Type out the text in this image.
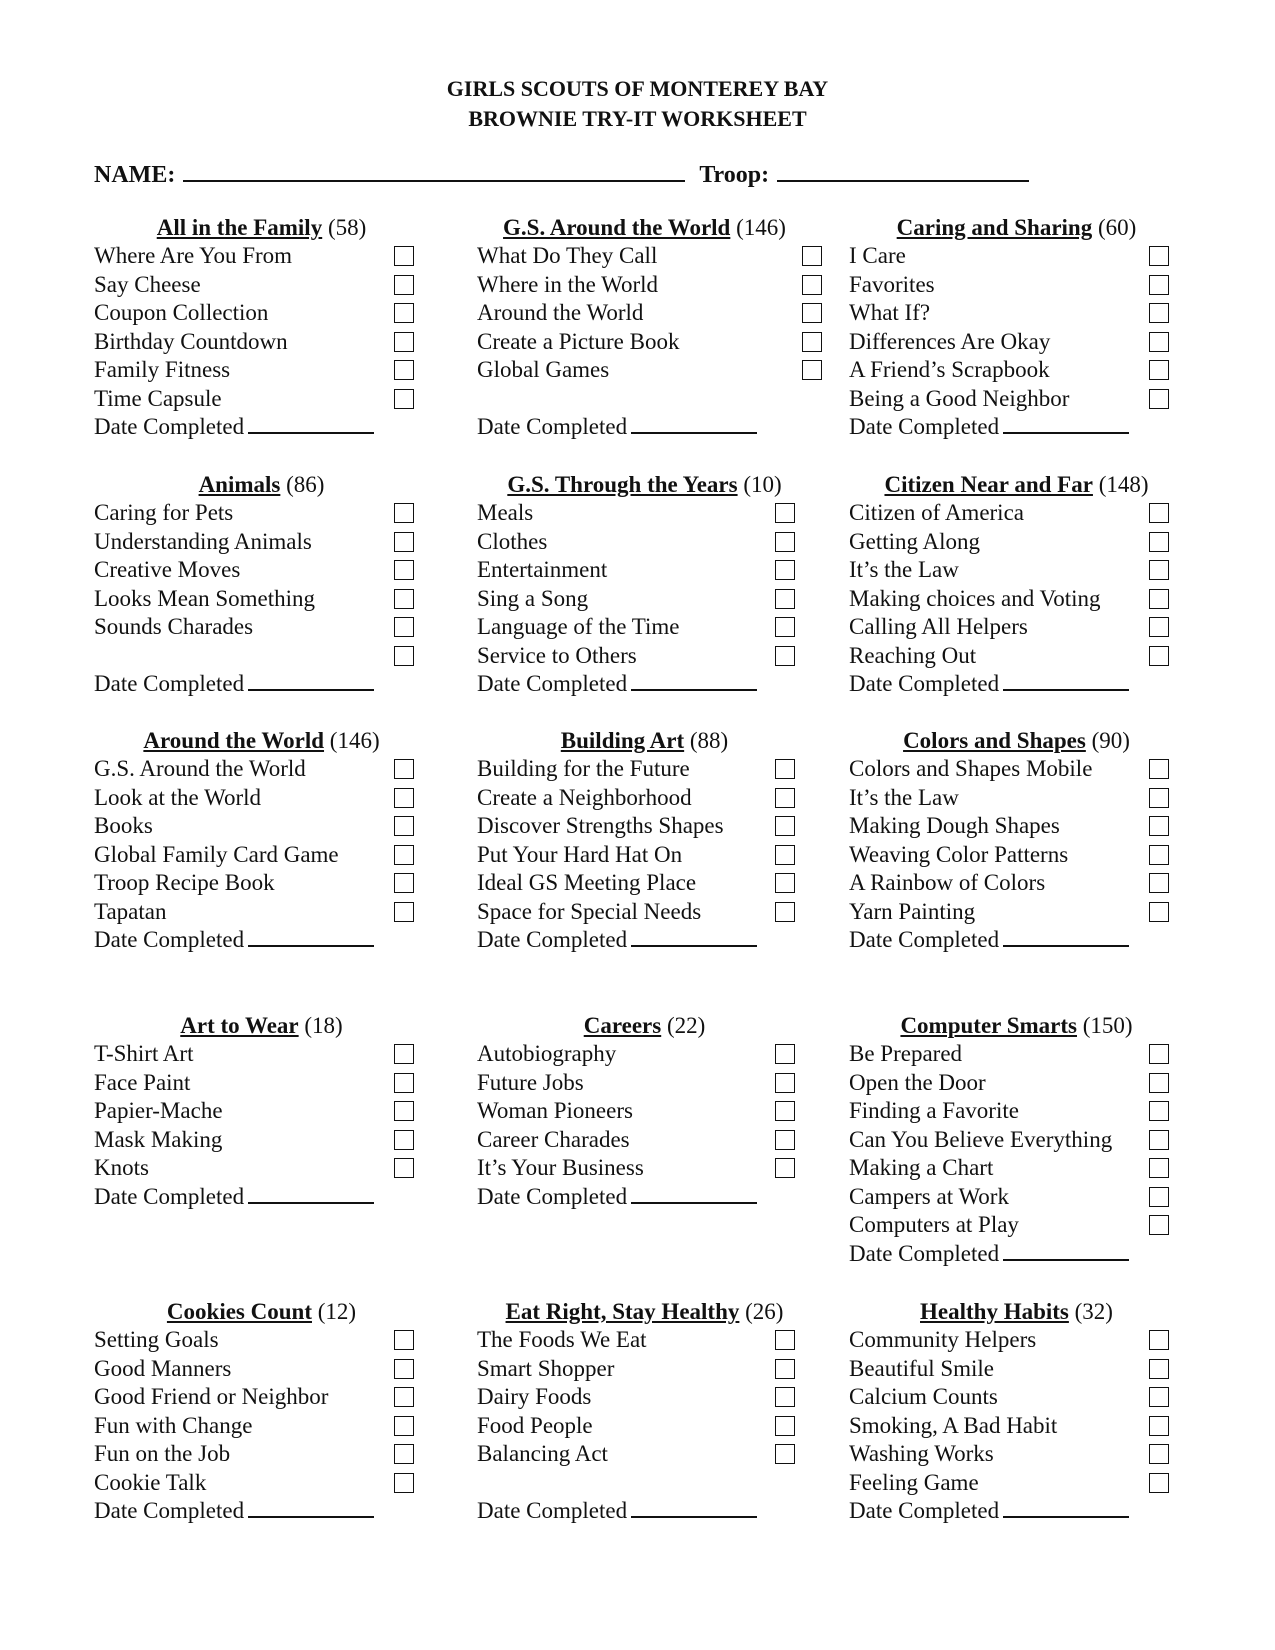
GIRLS SCOUTS OF MONTEREY BAY
BROWNIE TRY-IT WORKSHEET
NAME:	Troop:
All in the Family (58)
Where Are You From
Say Cheese
Coupon Collection
Birthday Countdown
Family Fitness
Time Capsule
Date Completed
G.S. Around the World (146)
What Do They Call
Where in the World
Around the World
Create a Picture Book
Global Games
Date Completed
Caring and Sharing (60)
I Care
Favorites
What If?
Differences Are Okay
A Friend’s Scrapbook
Being a Good Neighbor
Date Completed
Animals (86)
Caring for Pets
Understanding Animals
Creative Moves
Looks Mean Something
Sounds Charades
Date Completed
G.S. Through the Years (10)
Meals
Clothes
Entertainment
Sing a Song
Language of the Time
Service to Others
Date Completed
Citizen Near and Far (148)
Citizen of America
Getting Along
It’s the Law
Making choices and Voting
Calling All Helpers
Reaching Out
Date Completed
Around the World (146)
G.S. Around the World
Look at the World
Books
Global Family Card Game
Troop Recipe Book
Tapatan
Date Completed
Building Art (88)
Building for the Future
Create a Neighborhood
Discover Strengths Shapes
Put Your Hard Hat On
Ideal GS Meeting Place
Space for Special Needs
Date Completed
Colors and Shapes (90)
Colors and Shapes Mobile
It’s the Law
Making Dough Shapes
Weaving Color Patterns
A Rainbow of Colors
Yarn Painting
Date Completed
Art to Wear (18)
T-Shirt Art
Face Paint
Papier-Mache
Mask Making
Knots
Date Completed
Careers (22)
Autobiography
Future Jobs
Woman Pioneers
Career Charades
It’s Your Business
Date Completed
Computer Smarts (150)
Be Prepared
Open the Door
Finding a Favorite
Can You Believe Everything
Making a Chart
Campers at Work
Computers at Play
Date Completed
Cookies Count (12)
Setting Goals
Good Manners
Good Friend or Neighbor
Fun with Change
Fun on the Job
Cookie Talk
Date Completed
Eat Right, Stay Healthy (26)
The Foods We Eat
Smart Shopper
Dairy Foods
Food People
Balancing Act
Date Completed
Healthy Habits (32)
Community Helpers
Beautiful Smile
Calcium Counts
Smoking, A Bad Habit
Washing Works
Feeling Game
Date Completed
